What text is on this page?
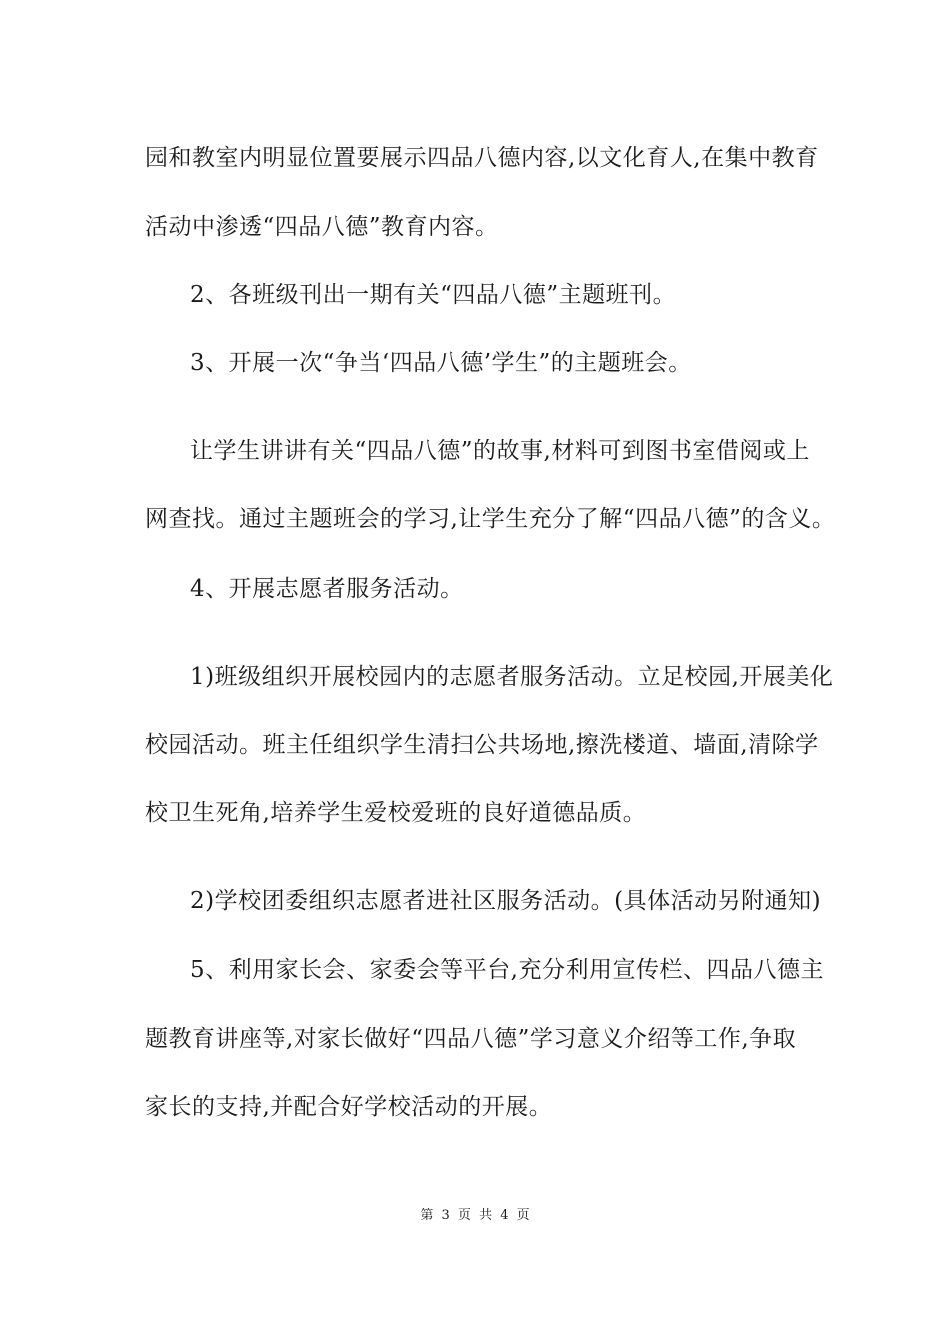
园和教室内明显位置要展示四品八德内容,以文化育人,在集中教育
活动中渗透“四品八德”教育内容。
2、各班级刊出一期有关“四品八德”主题班刊。
3、开展一次“争当‘四品八德’学生”的主题班会。
让学生讲讲有关“四品八德”的故事,材料可到图书室借阅或上
网查找。通过主题班会的学习,让学生充分了解“四品八德”的含义。
4、开展志愿者服务活动。
1)班级组织开展校园内的志愿者服务活动。立足校园,开展美化
校园活动。班主任组织学生清扫公共场地,擦洗楼道、墙面,清除学
校卫生死角,培养学生爱校爱班的良好道德品质。
2)学校团委组织志愿者进社区服务活动。(具体活动另附通知)
5、利用家长会、家委会等平台,充分利用宣传栏、四品八德主
题教育讲座等,对家长做好“四品八德”学习意义介绍等工作,争取
家长的支持,并配合好学校活动的开展。
第 3 页 共 4 页
